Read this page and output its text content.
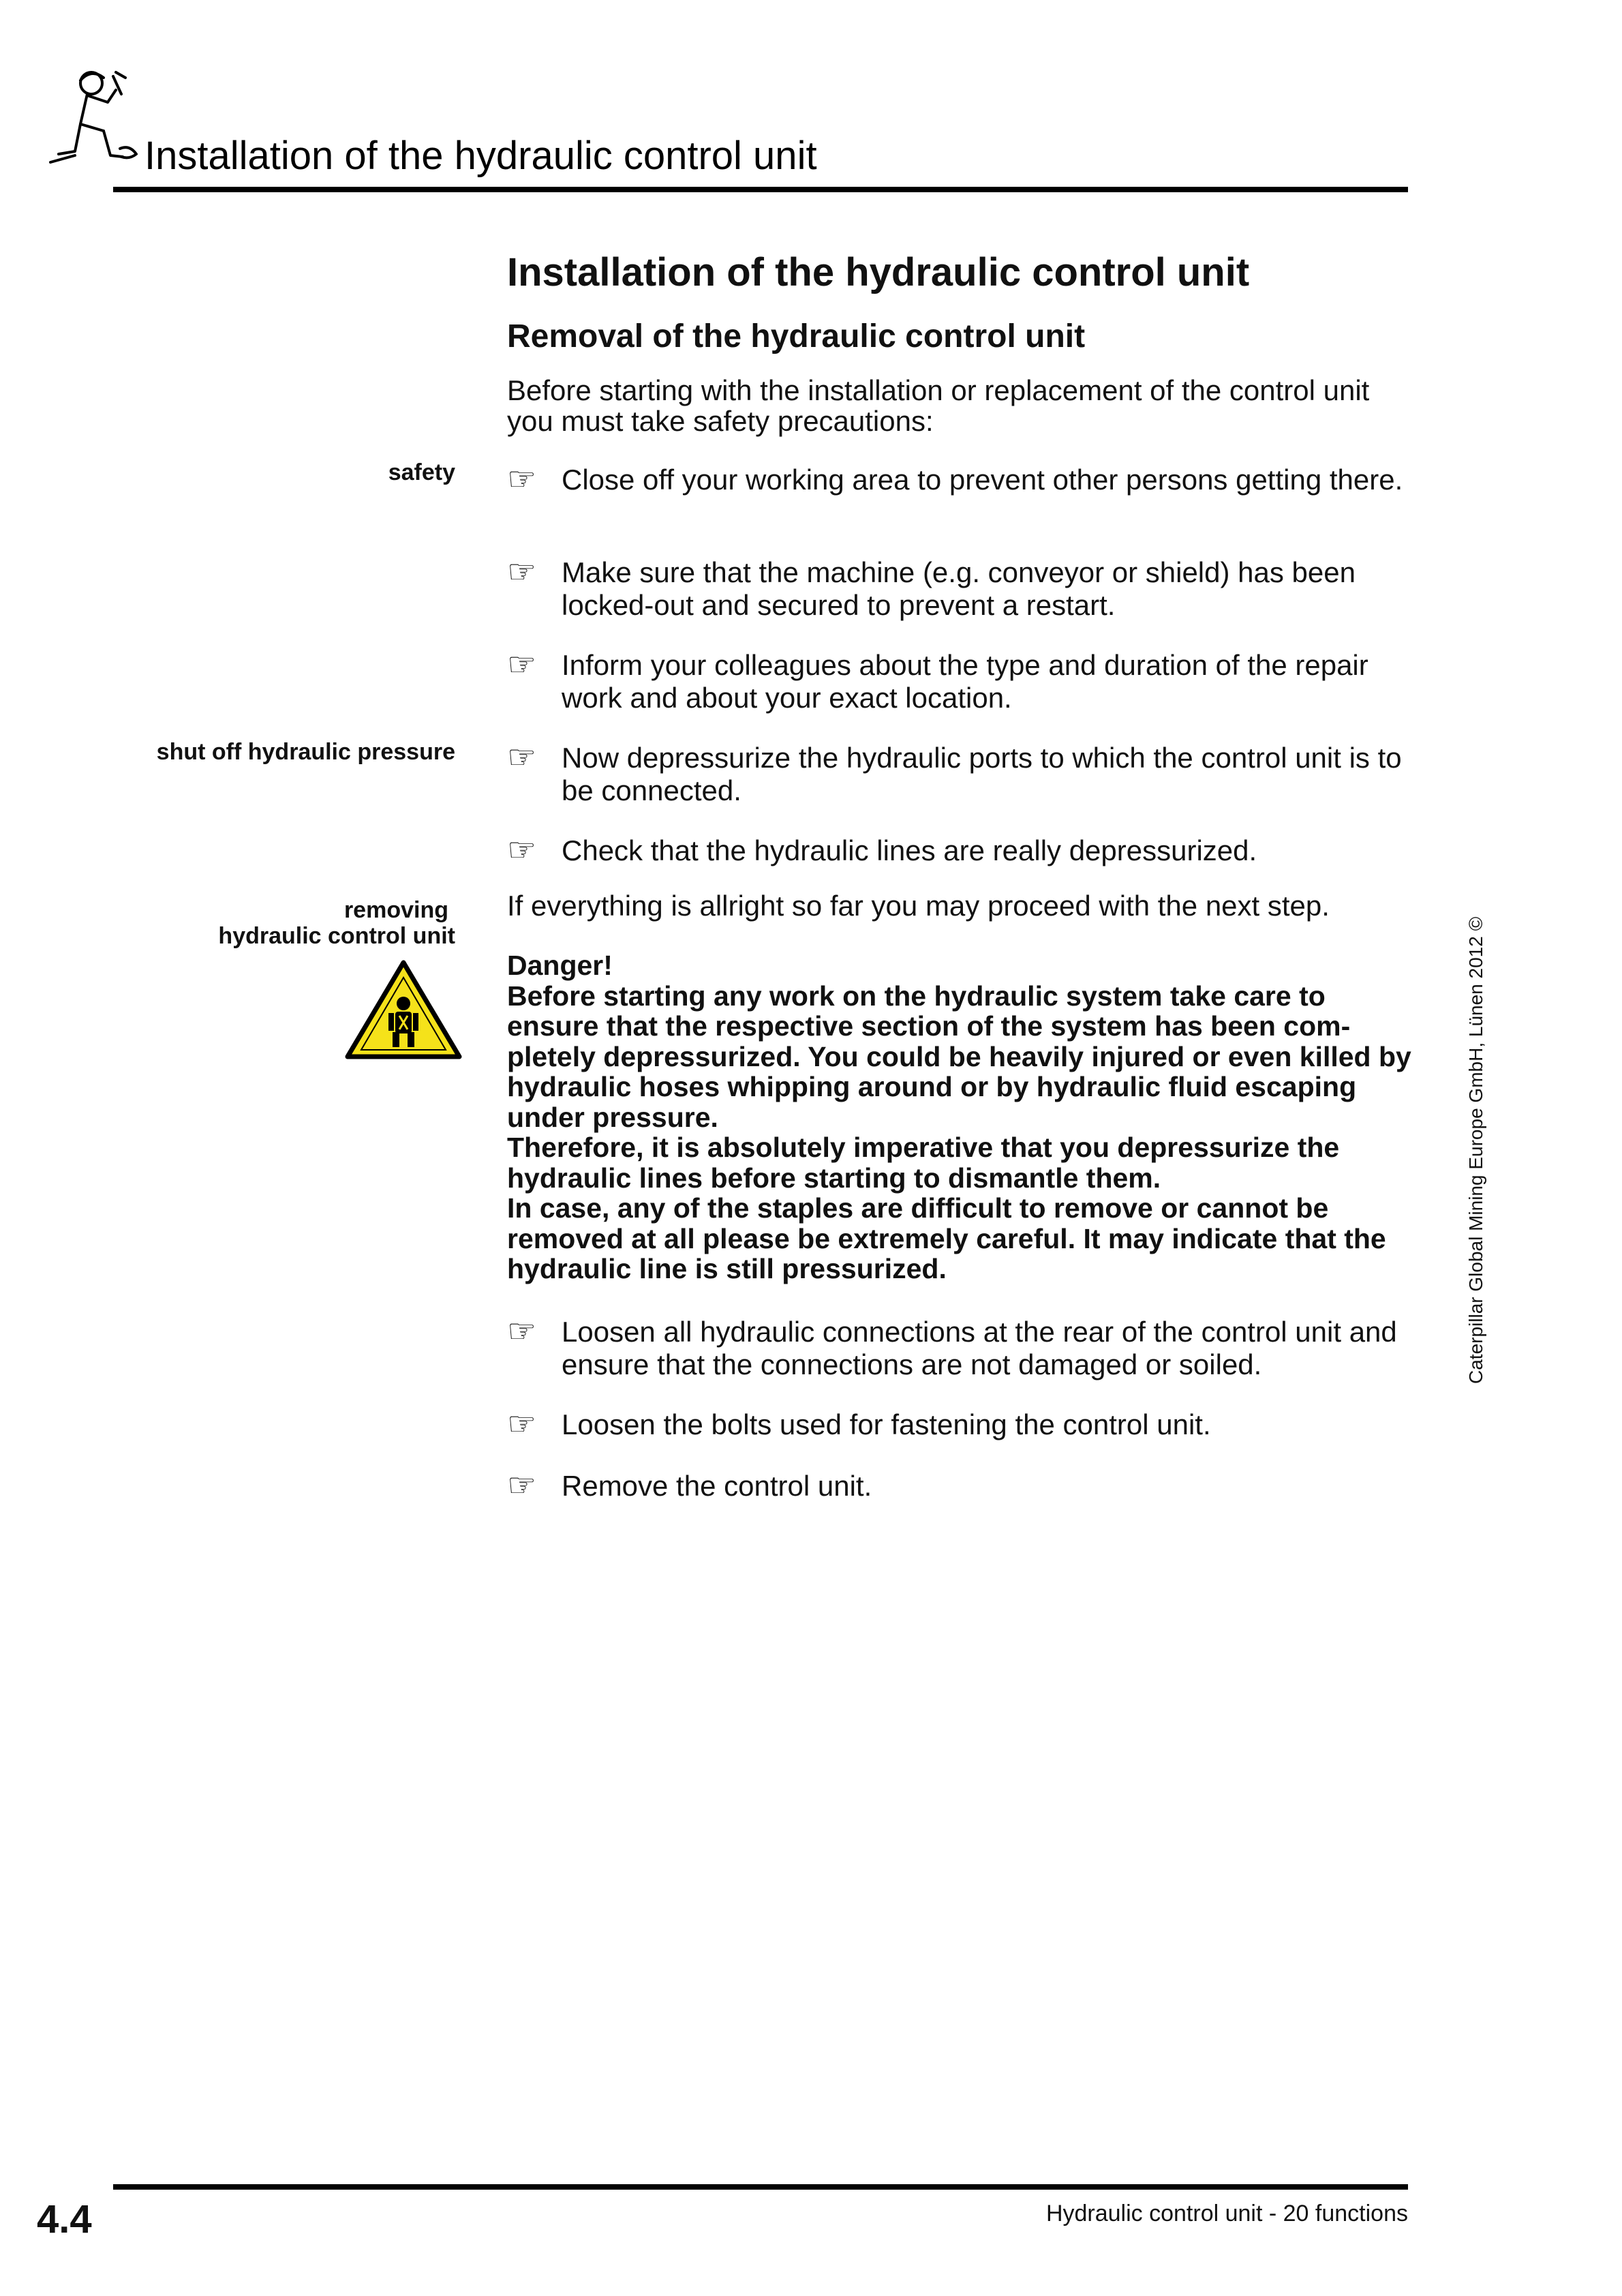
Installation of the hydraulic control unit
Installation of the hydraulic control unit
Removal of the hydraulic control unit
Before starting with the installation or replacement of the control unit you must take safety precautions:
safety
shut off hydraulic pressure
removing
hydraulic control unit
☞ Close off your working area to prevent other persons getting there.
☞ Make sure that the machine (e.g. conveyor or shield) has been locked-out and secured to prevent a restart.
☞ Inform your colleagues about the type and duration of the repair work and about your exact location.
☞ Now depressurize the hydraulic ports to which the control unit is to be connected.
☞ Check that the hydraulic lines are really depressurized.
If everything is allright so far you may proceed with the next step.

Danger!

Before starting any work on the hydraulic system take care to ensure that the respective section of the system has been com-pletely depressurized. You could be heavily injured or even killed by hydraulic hoses whipping around or by hydraulic fluid escaping under pressure.

Therefore, it is absolutely imperative that you depressurize the hydraulic lines before starting to dismantle them.

In case, any of the staples are difficult to remove or cannot be removed at all please be extremely careful. It may indicate that the hydraulic line is still pressurized.

☞ Loosen all hydraulic connections at the rear of the control unit and ensure that the connections are not damaged or soiled.
☞ Loosen the bolts used for fastening the control unit.
☞ Remove the control unit.
Caterpillar Global Mining Europe GmbH, Lünen 2012 ©
4.4	Hydraulic control unit - 20 functions
